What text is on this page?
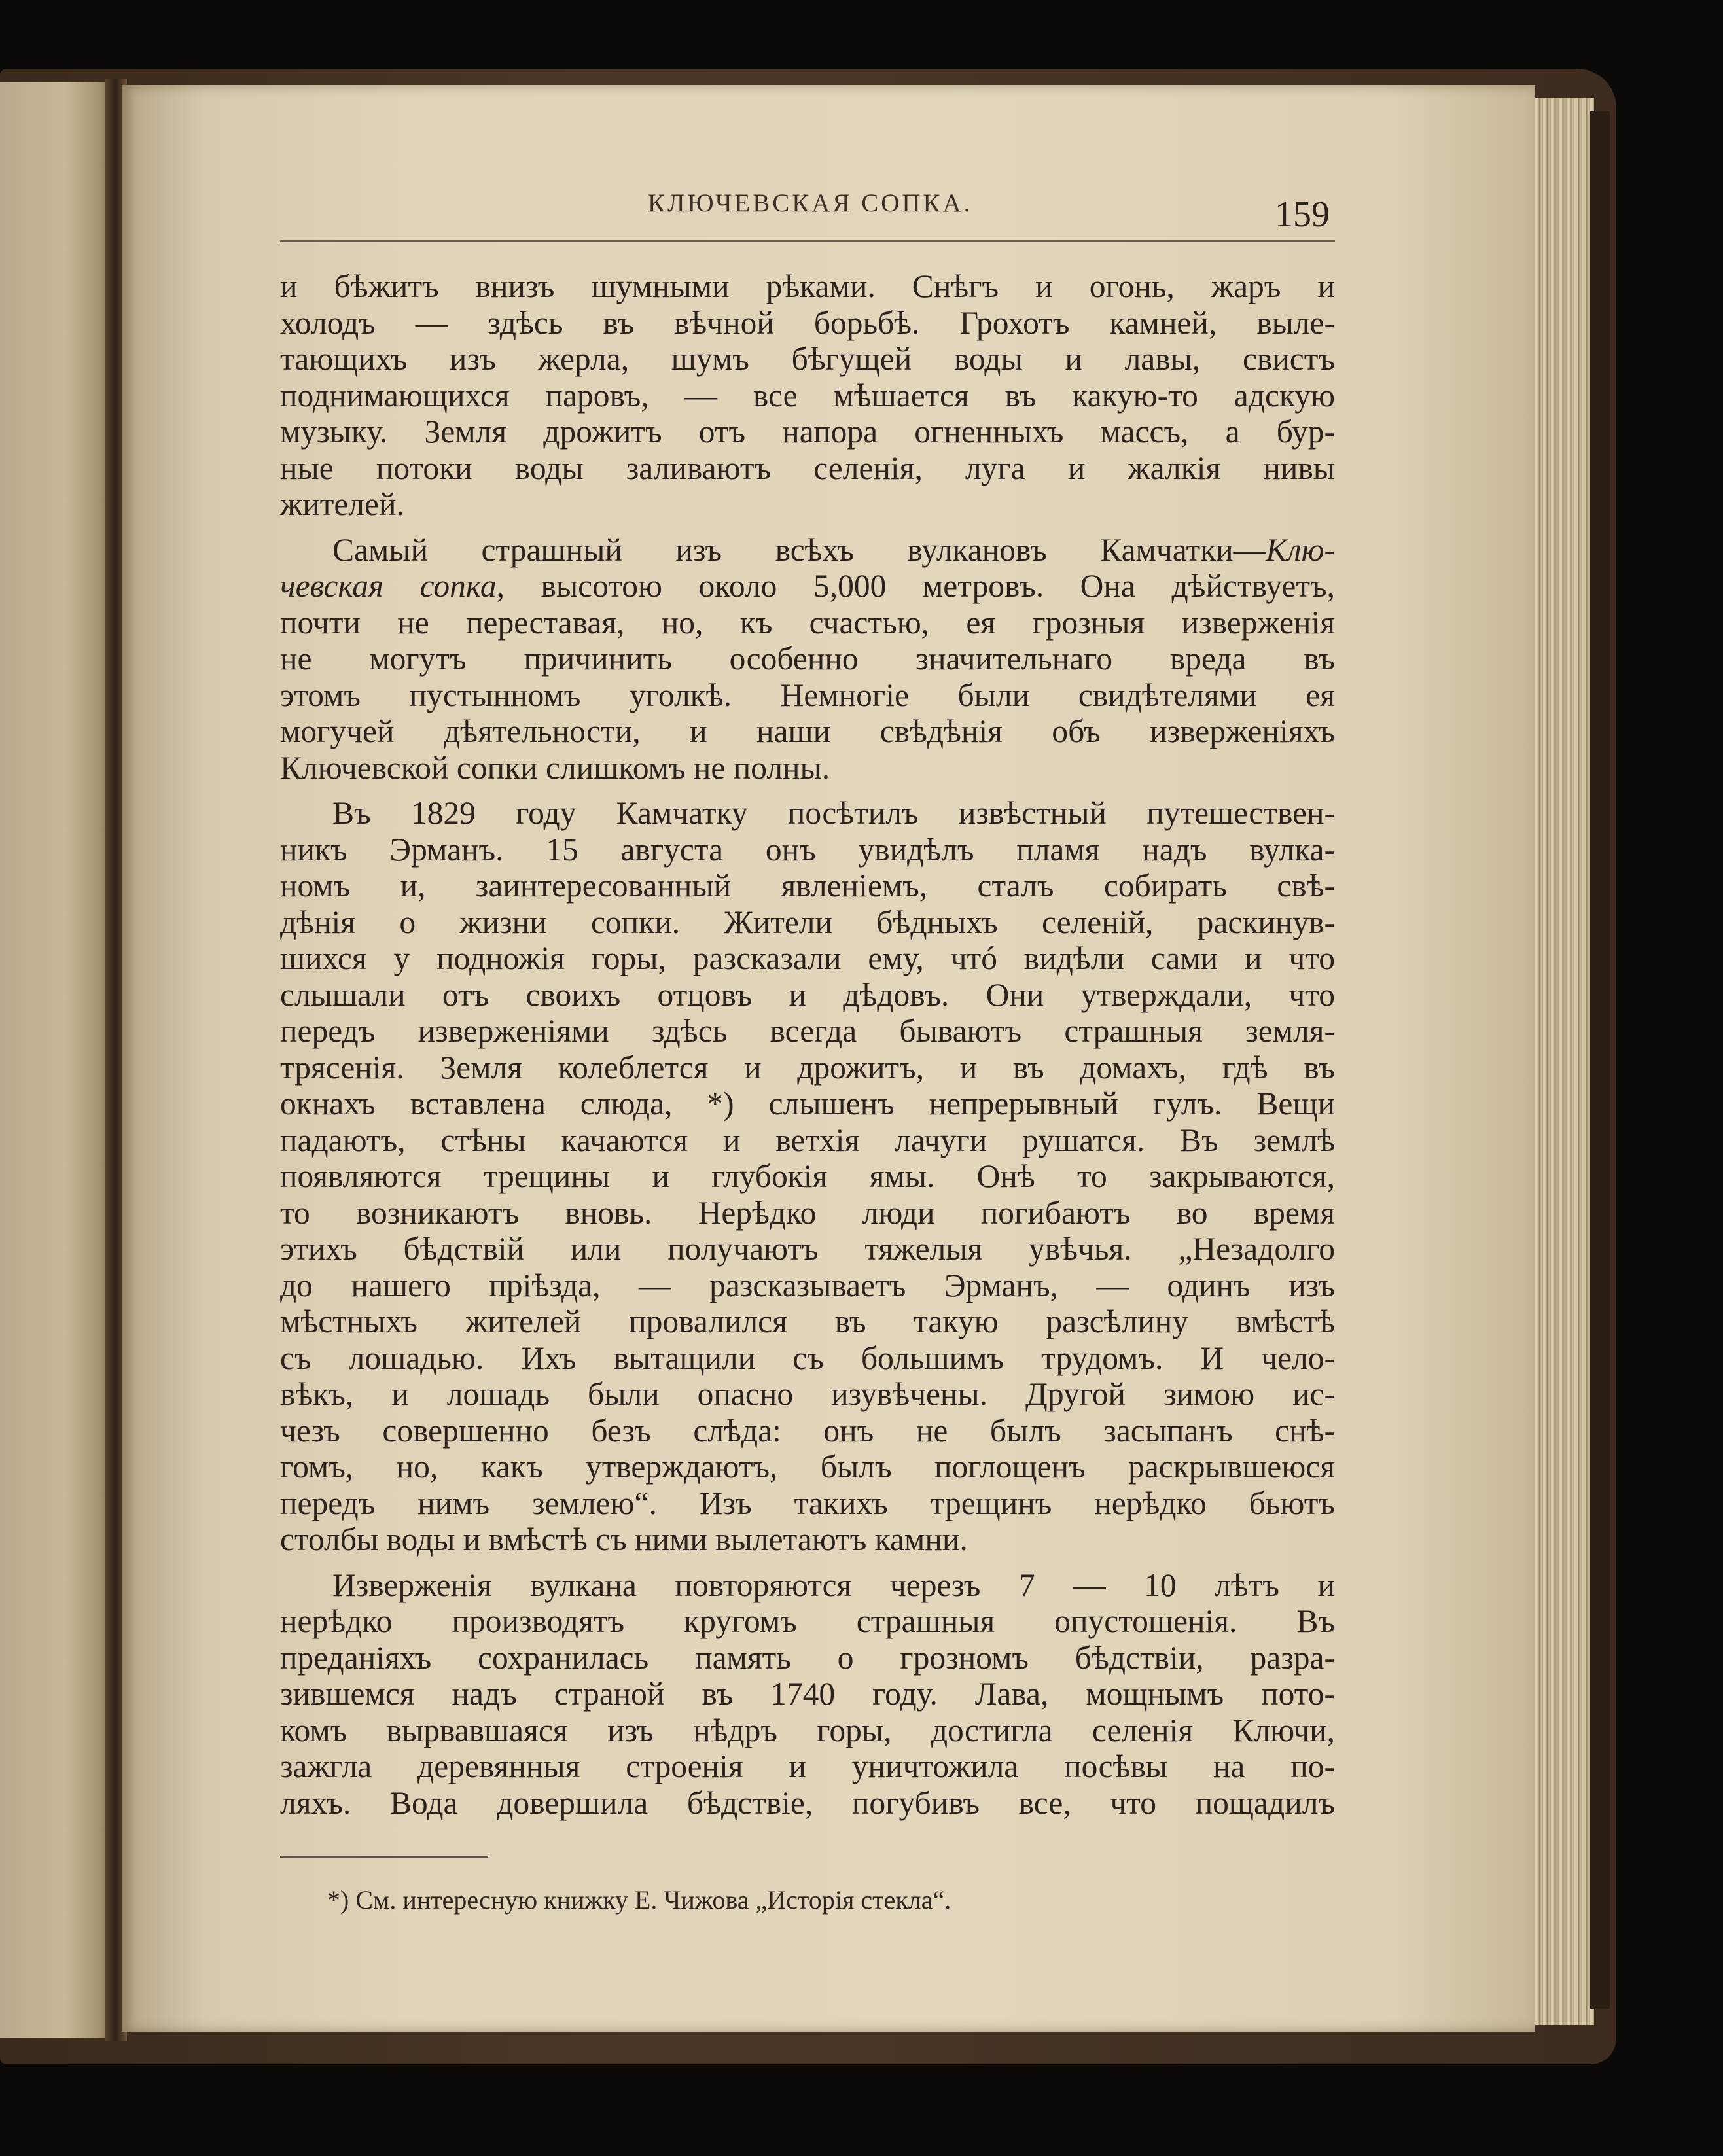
КЛЮЧЕВСКАЯ СОПКА.	159
и бѣжитъ внизъ шумными рѣками. Снѣгъ и огонь, жаръ и
холодъ — здѣсь въ вѣчной борьбѣ. Грохотъ камней, выле-
тающихъ изъ жерла, шумъ бѣгущей воды и лавы, свистъ
поднимающихся паровъ, — все мѣшается въ какую-то адскую
музыку. Земля дрожитъ отъ напора огненныхъ массъ, а бур-
ные потоки воды заливаютъ селенія, луга и жалкія нивы
жителей.
Самый страшный изъ всѣхъ вулкановъ Камчатки—Клю-
чевская сопка, высотою около 5,000 метровъ. Она дѣйствуетъ,
почти не переставая, но, къ счастью, ея грозныя изверженія
не могутъ причинить особенно значительнаго вреда въ
этомъ пустынномъ уголкѣ. Немногіе были свидѣтелями ея
могучей дѣятельности, и наши свѣдѣнія объ изверженіяхъ
Ключевской сопки слишкомъ не полны.
Въ 1829 году Камчатку посѣтилъ извѣстный путешествен-
никъ Эрманъ. 15 августа онъ увидѣлъ пламя надъ вулка-
номъ и, заинтересованный явленіемъ, сталъ собирать свѣ-
дѣнія о жизни сопки. Жители бѣдныхъ селеній, раскинув-
шихся у подножія горы, разсказали ему, чтó видѣли сами и что
слышали отъ своихъ отцовъ и дѣдовъ. Они утверждали, что
передъ изверженіями здѣсь всегда бываютъ страшныя земля-
трясенія. Земля колеблется и дрожитъ, и въ домахъ, гдѣ въ
окнахъ вставлена слюда, *) слышенъ непрерывный гулъ. Вещи
падаютъ, стѣны качаются и ветхія лачуги рушатся. Въ землѣ
появляются трещины и глубокія ямы. Онѣ то закрываются,
то возникаютъ вновь. Нерѣдко люди погибаютъ во время
этихъ бѣдствій или получаютъ тяжелыя увѣчья. „Незадолго
до нашего пріѣзда, — разсказываетъ Эрманъ, — одинъ изъ
мѣстныхъ жителей провалился въ такую разсѣлину вмѣстѣ
съ лошадью. Ихъ вытащили съ большимъ трудомъ. И чело-
вѣкъ, и лошадь были опасно изувѣчены. Другой зимою ис-
чезъ совершенно безъ слѣда: онъ не былъ засыпанъ снѣ-
гомъ, но, какъ утверждаютъ, былъ поглощенъ раскрывшеюся
передъ нимъ землею“. Изъ такихъ трещинъ нерѣдко бьютъ
столбы воды и вмѣстѣ съ ними вылетаютъ камни.
Изверженія вулкана повторяются черезъ 7 — 10 лѣтъ и
нерѣдко производятъ кругомъ страшныя опустошенія. Въ
преданіяхъ сохранилась память о грозномъ бѣдствіи, разра-
зившемся надъ страной въ 1740 году. Лава, мощнымъ пото-
комъ вырвавшаяся изъ нѣдръ горы, достигла селенія Ключи,
зажгла деревянныя строенія и уничтожила посѣвы на по-
ляхъ. Вода довершила бѣдствіе, погубивъ все, что пощадилъ
*) См. интересную книжку Е. Чижова „Исторія стекла“.
